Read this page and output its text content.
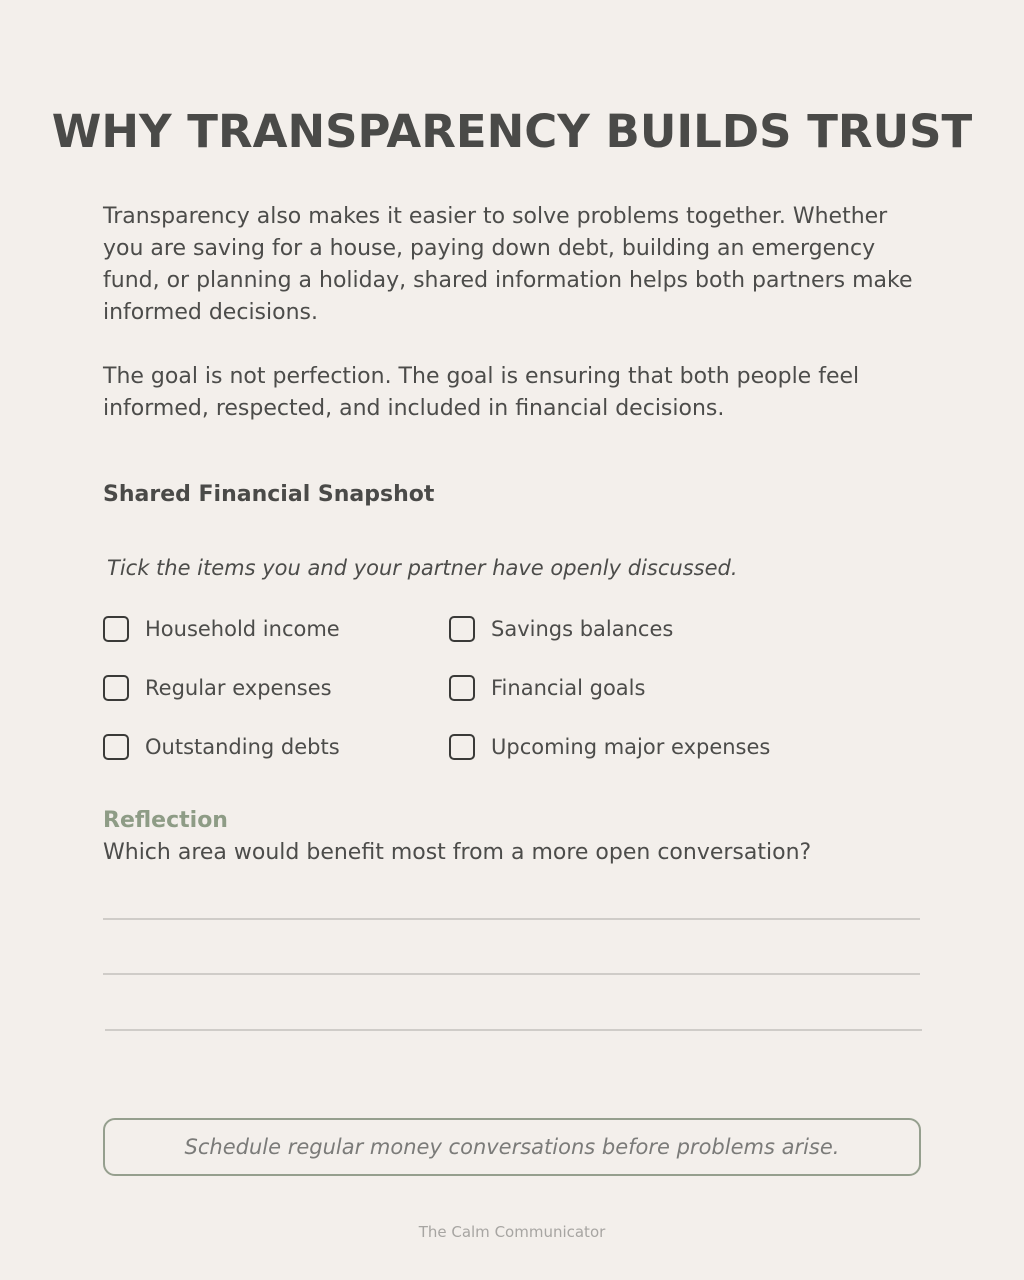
WHY TRANSPARENCY BUILDS TRUST

Transparency also makes it easier to solve problems together. Whether you are saving for a house, paying down debt, building an emergency fund, or planning a holiday, shared information helps both partners make informed decisions.

The goal is not perfection. The goal is ensuring that both people feel informed, respected, and included in financial decisions.

Shared Financial Snapshot

Tick the items you and your partner have openly discussed.

Household income
Regular expenses
Outstanding debts
Savings balances
Financial goals
Upcoming major expenses
Reflection

Which area would benefit most from a more open conversation?

Schedule regular money conversations before problems arise.

The Calm Communicator
